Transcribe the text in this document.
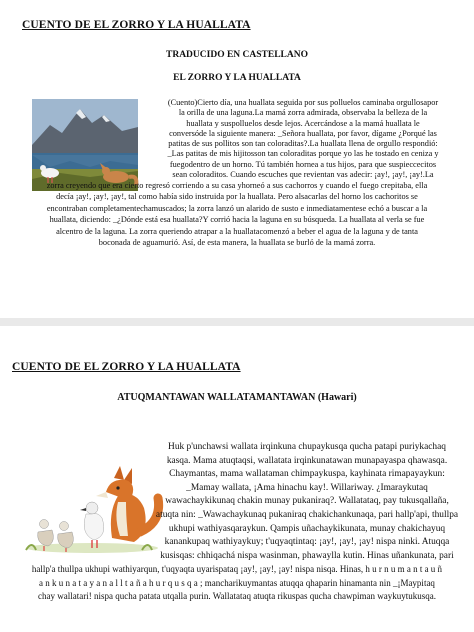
CUENTO DE EL ZORRO Y LA HUALLATA
TRADUCIDO EN CASTELLANO
EL ZORRO Y LA HUALLATA
(Cuento)Cierto día, una huallata seguida por sus polluelos caminaba orgullosapor
la orilla de una laguna.La mamá zorra admirada, observaba la belleza de la
huallata y suspolluelos desde lejos. Acercándose a la mamá huallata le
conversóde la siguiente manera: _Señora huallata, por favor, dígame ¿Porqué las
patitas de sus pollitos son tan coloraditas?.La huallata llena de orgullo respondió:
_Las patitas de mis hijitosson tan coloraditas porque yo las he tostado en ceniza y
fuegodentro de un horno. Tú también hornea a tus hijos, para que suspieccecitos
sean coloraditos. Cuando escuches que revientan vas adecir: ¡ay!, ¡ay!, ¡ay!.La
zorra creyendo que era cierto regresó corriendo a su casa yhorneó a sus cachorros y cuando el fuego crepitaba, ella
decía ¡ay!, ¡ay!, ¡ay!, tal como había sido instruida por la huallata. Pero alsacarlas del horno los cachoritos se
encontraban completamentechamuscados; la zorra lanzó un alarido de susto e inmediatamentese echó a buscar a la
huallata, diciendo: _¿Dónde está esa huallata?Y corrió hacia la laguna en su búsqueda. La huallata al verla se fue
alcentro de la laguna. La zorra queriendo atrapar a la huallatacomenzó a beber el agua de la laguna y de tanta
boconada de aguamurió. Así, de esta manera, la huallata se burló de la mamá zorra.
CUENTO DE EL ZORRO Y LA HUALLATA
ATUQMANTAWAN WALLATAMANTAWAN (Hawari)
Huk p'unchawsi wallata irqinkuna chupaykusqa qucha patapi puriykachaq
kasqa. Mama atuqtaqsi, wallatata irqinkunatawan munapayaspa qhawasqa.
Chaymantas, mama wallataman chimpaykuspa, kayhinata rimapayaykun:
_Mamay wallata, ¡Ama hinachu kay!. Willariway. ¿Imaraykutaq
wawachaykikunaq chakin munay pukaniraq?. Wallatataq, pay tukusqallaña,
atuqta nin: _Wawachaykunaq pukaniraq chakichankunaqa, pari hallp'api, thullpa
ukhupi wathiyasqaraykun. Qampis uñachaykikunata, munay chakichayuq
kanankupaq wathiyaykuy; t'uqyaqtintaq: ¡ay!, ¡ay!, ¡ay! nispa ninki. Atuqqa
kusisqas: chhiqachá nispa wasinman, phawaylla kutin. Hinas uñankunata, pari
hallp'a thullpa ukhupi wathiyarqun, t'uqyaqta uyarispataq ¡ay!, ¡ay!, ¡ay! nispa nisqa. Hinas, h u r n u m a n t a u ñ
a n k u n a t a y a n a l l t a ñ a h u r q u s q a ; mancharikuymantas atuqqa qhaparin hinamanta nin _¡Maypitaq
chay wallatari! nispa qucha patata utqalla purin. Wallatataq atuqta rikuspas qucha chawpiman waykuytukusqa.
